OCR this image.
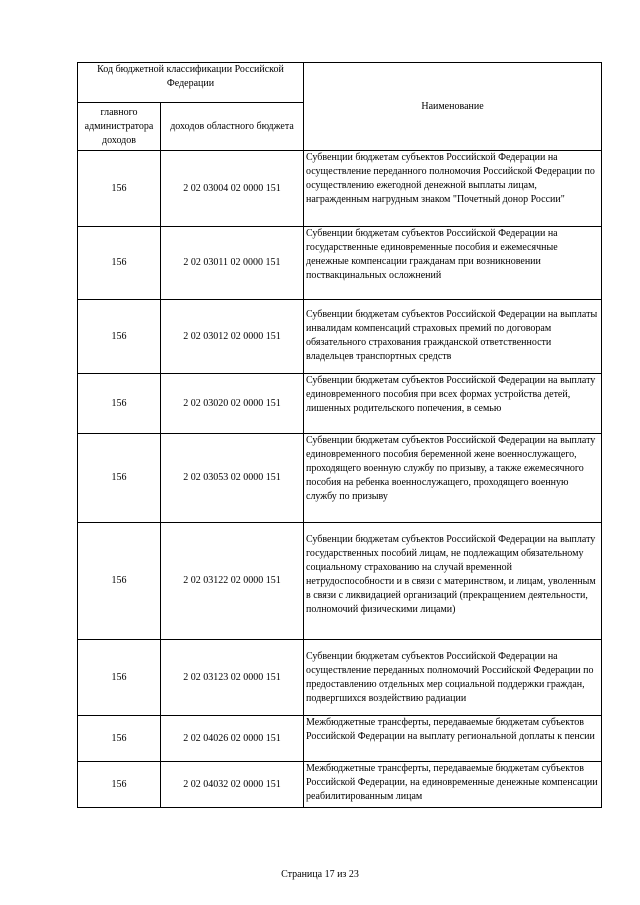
Код бюджетной классификации Российской Федерации		Наименование
главного администратора доходов	доходов областного бюджета	
156	2 02 03004 02 0000 151	Субвенции бюджетам субъектов Российской Федерации на осуществление переданного полномочия Российской Федерации по осуществлению ежегодной денежной выплаты лицам, награжденным нагрудным знаком "Почетный донор России"
156	2 02 03011 02 0000 151	Субвенции бюджетам субъектов Российской Федерации на государственные единовременные пособия и ежемесячные денежные компенсации гражданам при возникновении поствакцинальных осложнений
156	2 02 03012 02 0000 151	Субвенции бюджетам субъектов Российской Федерации на выплаты инвалидам компенсаций страховых премий по договорам обязательного страхования гражданской ответственности владельцев транспортных средств
156	2 02 03020 02 0000 151	Субвенции бюджетам субъектов Российской Федерации на выплату единовременного пособия при всех формах устройства детей, лишенных родительского попечения, в семью
156	2 02 03053 02 0000 151	Субвенции бюджетам субъектов Российской Федерации на выплату единовременного пособия беременной жене военнослужащего, проходящего военную службу по призыву, а также ежемесячного пособия на ребенка военнослужащего, проходящего военную службу по призыву
156	2 02 03122 02 0000 151	Субвенции бюджетам субъектов Российской Федерации на выплату государственных пособий лицам, не подлежащим обязательному социальному страхованию на случай временной нетрудоспособности и в связи с материнством, и лицам, уволенным в связи с ликвидацией организаций (прекращением деятельности, полномочий физическими лицами)
156	2 02 03123 02 0000 151	Субвенции бюджетам субъектов Российской Федерации на осуществление переданных полномочий Российской Федерации по предоставлению отдельных мер социальной поддержки граждан, подвергшихся воздействию радиации
156	2 02 04026 02 0000 151	Межбюджетные трансферты, передаваемые бюджетам субъектов Российской Федерации на выплату региональной доплаты к пенсии
156	2 02 04032 02 0000 151	Межбюджетные трансферты, передаваемые бюджетам субъектов Российской Федерации, на единовременные денежные компенсации реабилитированным лицам
Страница 17 из 23
